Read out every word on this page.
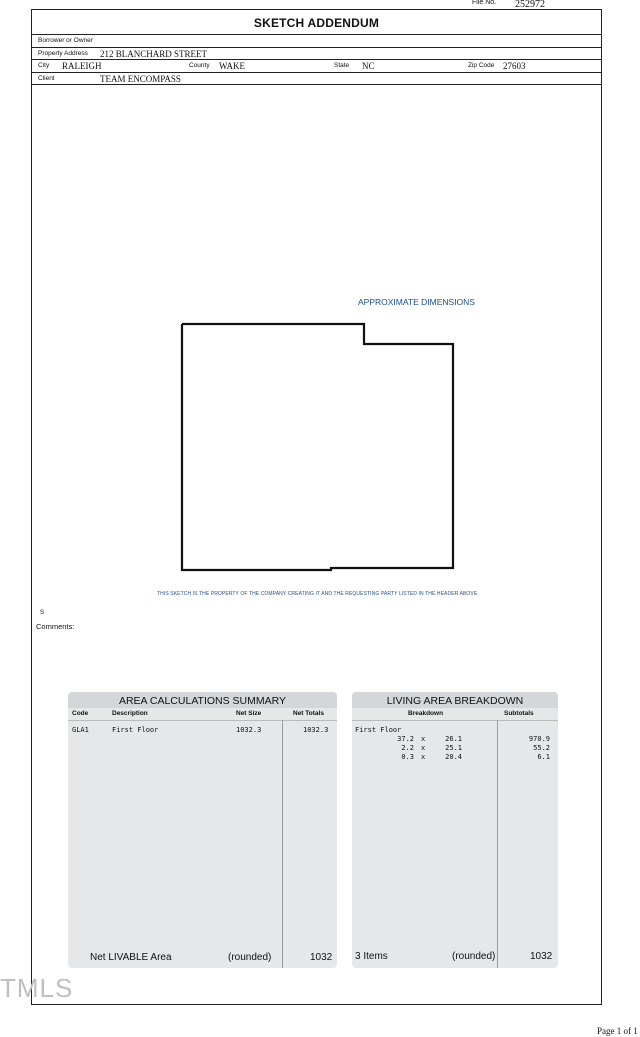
File No. 252972
SKETCH ADDENDUM
Borrower or Owner
Property Address 212 BLANCHARD STREET
City RALEIGH	County WAKE	State NC	Zip Code 27603
Client	TEAM ENCOMPASS
APPROXIMATE DIMENSIONS
THIS SKETCH IS THE PROPERTY OF THE COMPANY CREATING IT AND THE REQUESTING PARTY LISTED IN THE HEADER ABOVE.
S
Comments:
AREA CALCULATIONS SUMMARY
Code	Description	Net Size	Net Totals
GLA1	First Floor	1032.3	1032.3
Net LIVABLE Area	(rounded)	1032
LIVING AREA BREAKDOWN
Breakdown	Subtotals
First Floor
37.2 x	26.1	970.9
2.2 x	25.1	55.2
0.3 x	20.4	6.1
3 Items	(rounded)	1032
TMLS
Page 1 of 1
